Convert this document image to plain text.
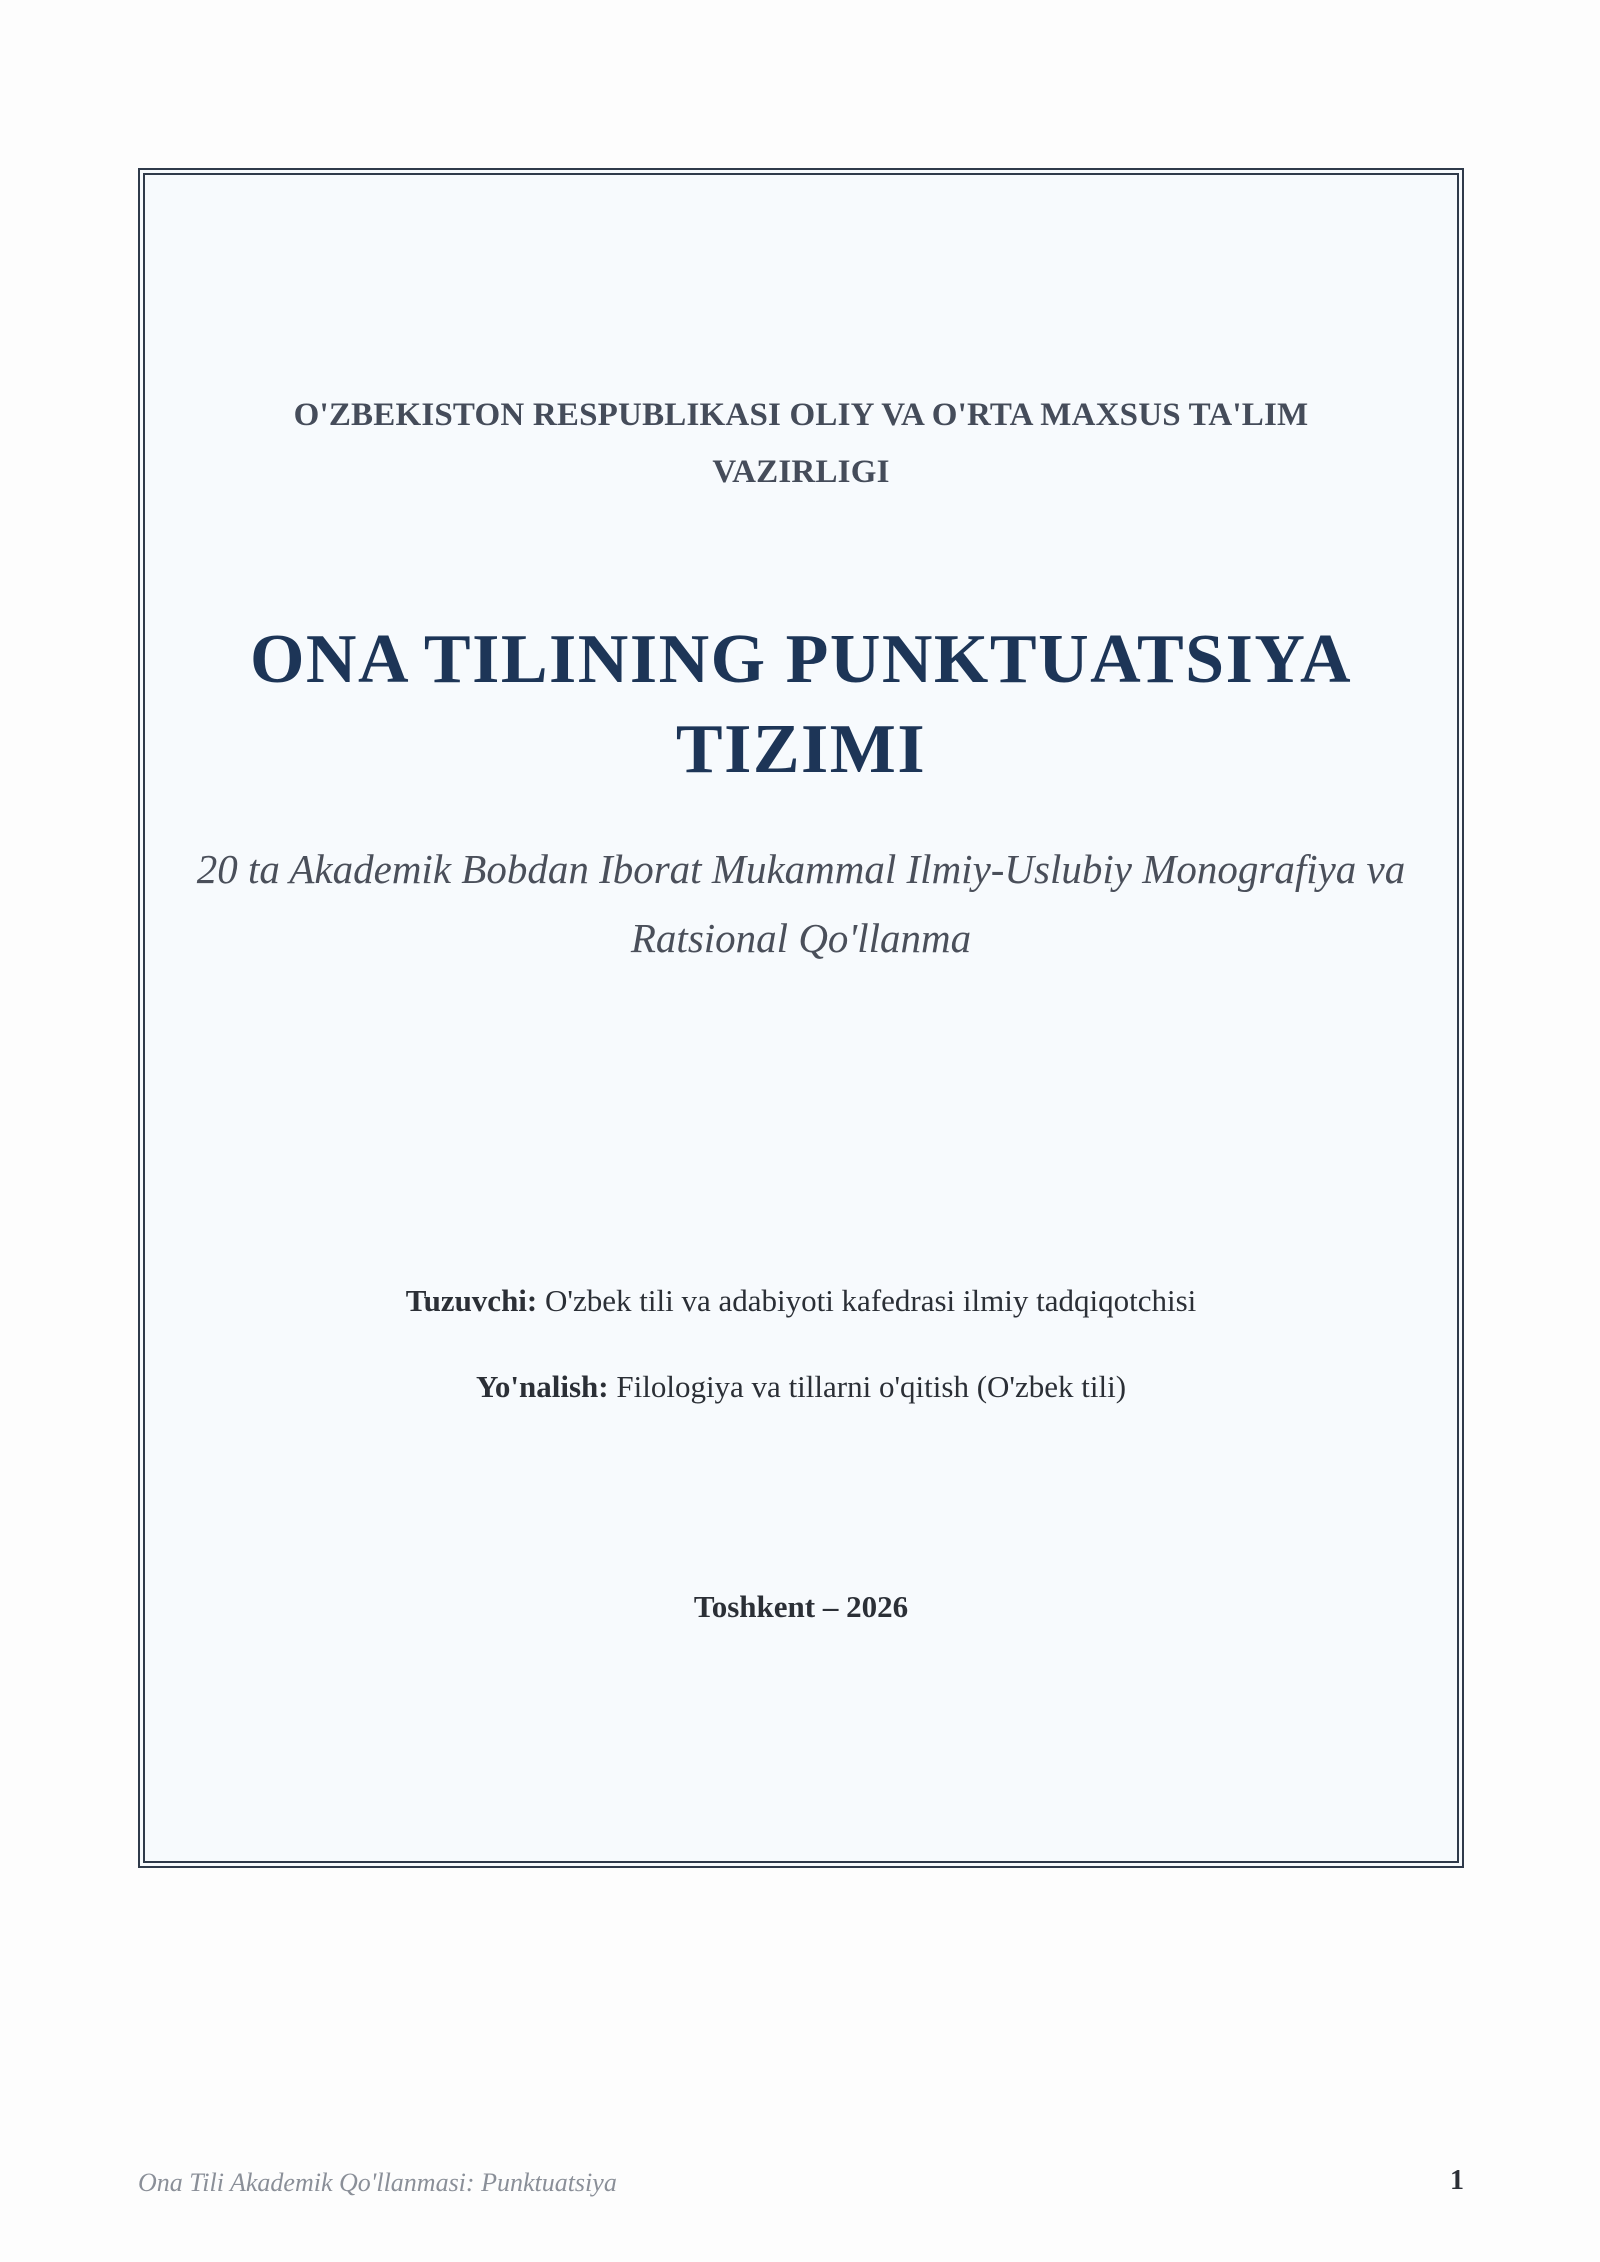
O'ZBEKISTON RESPUBLIKASI OLIY VA O'RTA MAXSUS TA'LIM VAZIRLIGI
ONA TILINING PUNKTUATSIYA TIZIMI
20 ta Akademik Bobdan Iborat Mukammal Ilmiy-Uslubiy Monografiya va Ratsional Qo'llanma
Tuzuvchi: O'zbek tili va adabiyoti kafedrasi ilmiy tadqiqotchisi
Yo'nalish: Filologiya va tillarni o'qitish (O'zbek tili)
Toshkent – 2026
Ona Tili Akademik Qo'llanmasi: Punktuatsiya	1
